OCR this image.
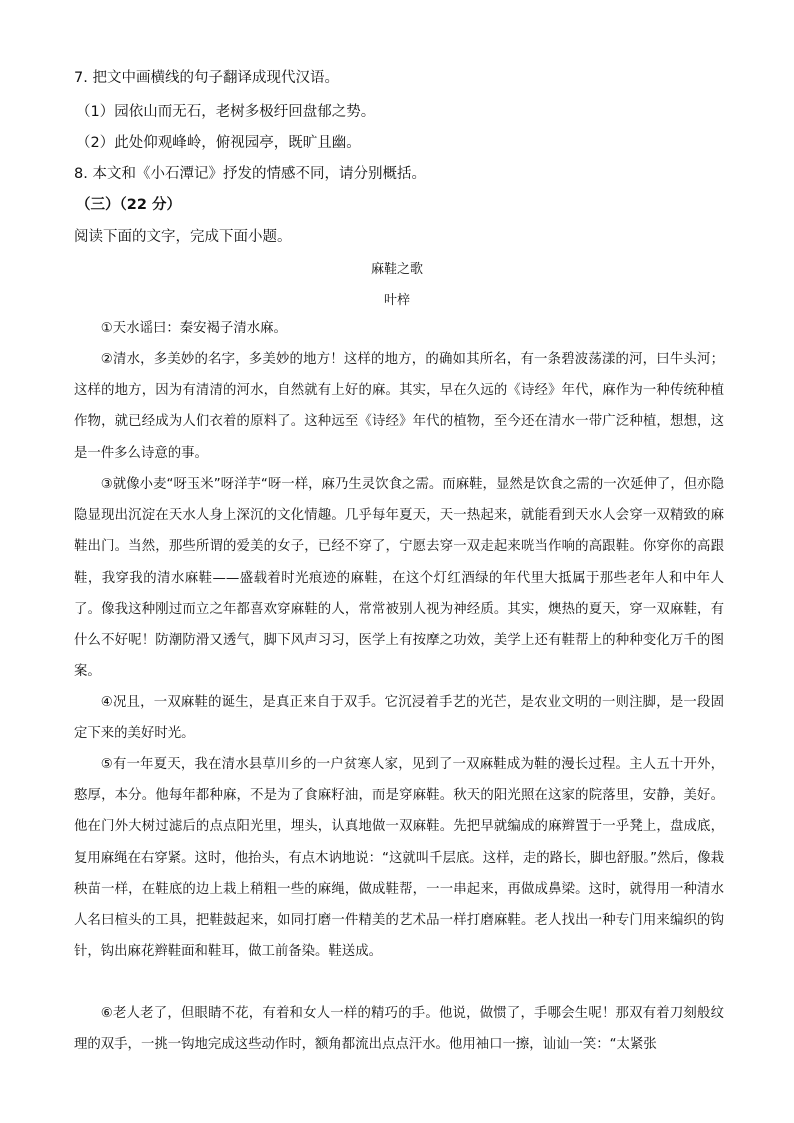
7. 把文中画横线的句子翻译成现代汉语。
（1）园依山而无石，老树多极纡回盘郁之势。
（2）此处仰观峰岭，俯视园亭，既旷且幽。
8. 本文和《小石潭记》抒发的情感不同，请分别概括。
（三）（22 分）
阅读下面的文字，完成下面小题。
麻鞋之歌
叶梓
①天水谣曰：秦安褐子清水麻。
②清水，多美妙的名字，多美妙的地方！这样的地方，的确如其所名，有一条碧波荡漾的河，曰牛头河；这样的地方，因为有清清的河水，自然就有上好的麻。其实，早在久远的《诗经》年代，麻作为一种传统种植作物，就已经成为人们衣着的原料了。这种远至《诗经》年代的植物，至今还在清水一带广泛种植，想想，这是一件多么诗意的事。
③就像小麦“呀玉米”呀洋芋“呀一样，麻乃生灵饮食之需。而麻鞋，显然是饮食之需的一次延伸了，但亦隐隐显现出沉淀在天水人身上深沉的文化情趣。几乎每年夏天，天一热起来，就能看到天水人会穿一双精致的麻鞋出门。当然，那些所谓的爱美的女子，已经不穿了，宁愿去穿一双走起来咣当作响的高跟鞋。你穿你的高跟鞋，我穿我的清水麻鞋——盛载着时光痕迹的麻鞋，在这个灯红酒绿的年代里大抵属于那些老年人和中年人了。像我这种刚过而立之年都喜欢穿麻鞋的人，常常被别人视为神经质。其实，燠热的夏天，穿一双麻鞋，有什么不好呢！防潮防滑又透气，脚下风声习习，医学上有按摩之功效，美学上还有鞋帮上的种种变化万千的图案。
④况且，一双麻鞋的诞生，是真正来自于双手。它沉浸着手艺的光芒，是农业文明的一则注脚，是一段固定下来的美好时光。
⑤有一年夏天，我在清水县草川乡的一户贫寒人家，见到了一双麻鞋成为鞋的漫长过程。主人五十开外，憨厚，本分。他每年都种麻，不是为了食麻籽油，而是穿麻鞋。秋天的阳光照在这家的院落里，安静，美好。他在门外大树过滤后的点点阳光里，埋头，认真地做一双麻鞋。先把早就编成的麻辫置于一乎凳上，盘成底，复用麻绳在右穿紧。这时，他抬头，有点木讷地说：“这就叫千层底。这样，走的路长，脚也舒服。”然后，像栽秧苗一样，在鞋底的边上栽上稍粗一些的麻绳，做成鞋帮，一一串起来，再做成鼻梁。这时，就得用一种清水人名曰楦头的工具，把鞋鼓起来，如同打磨一件精美的艺术品一样打磨麻鞋。老人找出一种专门用来编织的钩针，钩出麻花辫鞋面和鞋耳，做工前备染。鞋送成。
⑥老人老了，但眼睛不花，有着和女人一样的精巧的手。他说，做惯了，手哪会生呢！那双有着刀刻般纹理的双手，一挑一钩地完成这些动作时，额角都流出点点汗水。他用袖口一擦，讪讪一笑：“太紧张
